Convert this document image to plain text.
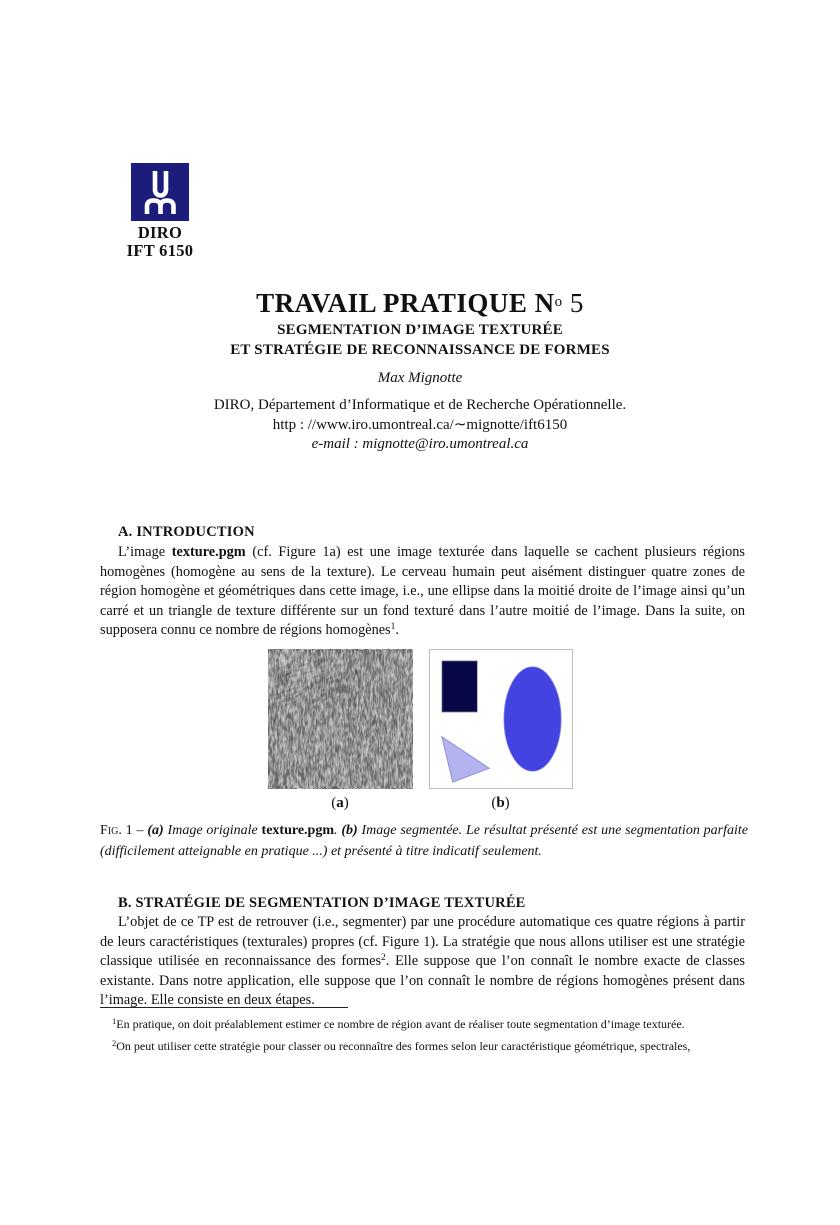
DIRO
IFT 6150
TRAVAIL PRATIQUE $N^o$ 5
SEGMENTATION D’IMAGE TEXTURÉE
ET STRATÉGIE DE RECONNAISSANCE DE FORMES
Max Mignotte
DIRO, Département d’Informatique et de Recherche Opérationnelle.
http : //www.iro.umontreal.ca/∼mignotte/ift6150
e-mail : mignotte@iro.umontreal.ca
A. INTRODUCTION

L’image texture.pgm (cf. Figure 1a) est une image texturée dans laquelle se cachent plusieurs régions homogènes (homogène au sens de la texture). Le cerveau humain peut aisément distinguer quatre zones de région homogène et géométriques dans cette image, i.e., une ellipse dans la moitié droite de l’image ainsi qu’un carré et un triangle de texture différente sur un fond texturé dans l’autre moitié de l’image. Dans la suite, on supposera connu ce nombre de régions homogènes$^1$.

(a)	(b)

Fig. 1 – (a) Image originale texture.pgm. (b) Image segmentée. Le résultat présenté est une segmentation parfaite (difficilement atteignable en pratique ...) et présenté à titre indicatif seulement.

B. STRATÉGIE DE SEGMENTATION D’IMAGE TEXTURÉE

L’objet de ce TP est de retrouver (i.e., segmenter) par une procédure automatique ces quatre régions à partir de leurs caractéristiques (texturales) propres (cf. Figure 1). La stratégie que nous allons utiliser est une stratégie classique utilisée en reconnaissance des formes$^2$. Elle suppose que l’on connaît le nombre exacte de classes existante. Dans notre application, elle suppose que l’on connaît le nombre de régions homogènes présent dans l’image. Elle consiste en deux étapes.

$^1$En pratique, on doit préalablement estimer ce nombre de région avant de réaliser toute segmentation d’image texturée.
$^2$On peut utiliser cette stratégie pour classer ou reconnaître des formes selon leur caractéristique géométrique, spectrales,
